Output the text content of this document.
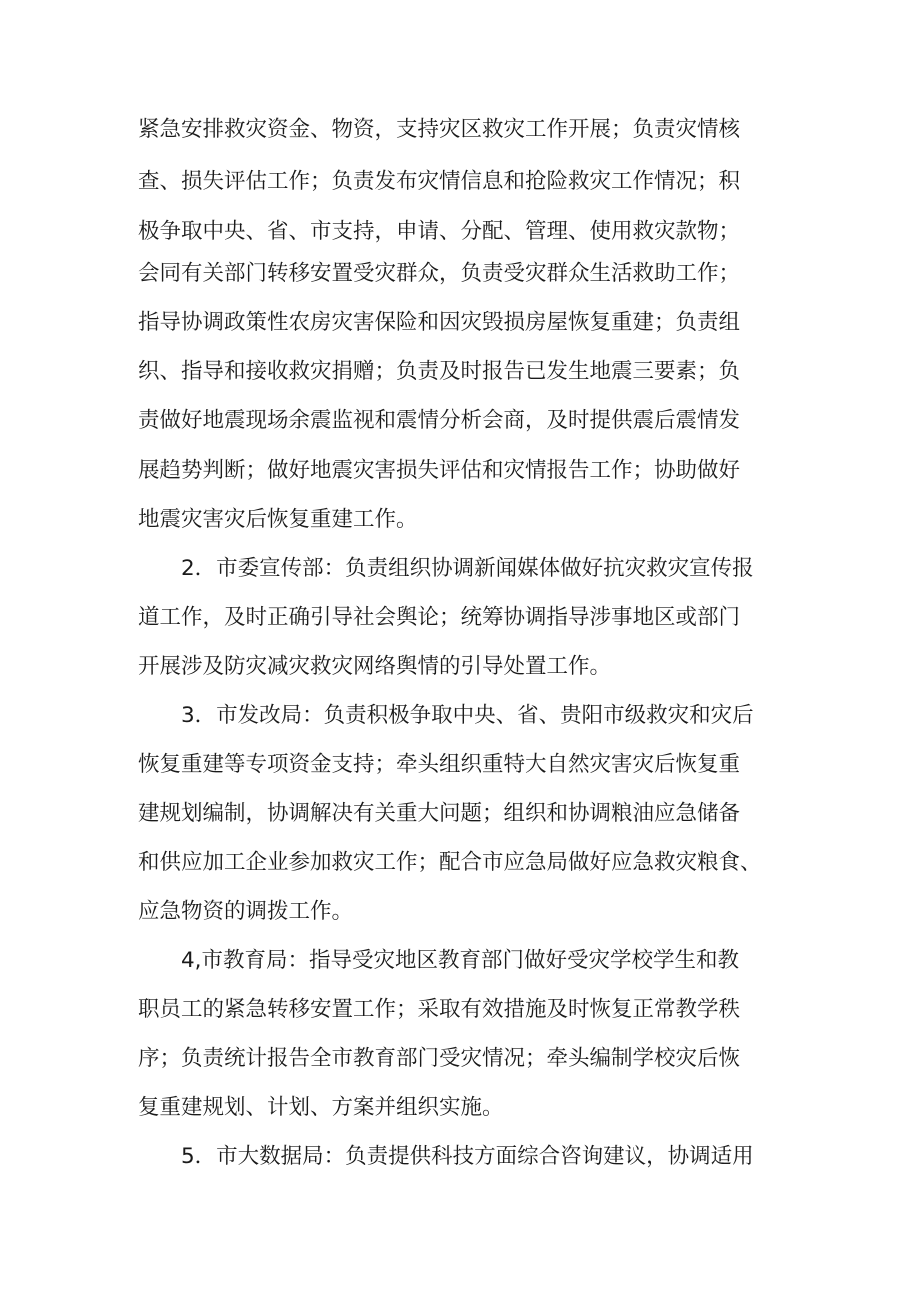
紧急安排救灾资金、物资，支持灾区救灾工作开展；负责灾情核
查、损失评估工作；负责发布灾情信息和抢险救灾工作情况；积
极争取中央、省、市支持，申请、分配、管理、使用救灾款物；
会同有关部门转移安置受灾群众，负责受灾群众生活救助工作；
指导协调政策性农房灾害保险和因灾毁损房屋恢复重建；负责组
织、指导和接收救灾捐赠；负责及时报告已发生地震三要素；负
责做好地震现场余震监视和震情分析会商，及时提供震后震情发
展趋势判断；做好地震灾害损失评估和灾情报告工作；协助做好
地震灾害灾后恢复重建工作。
2．市委宣传部：负责组织协调新闻媒体做好抗灾救灾宣传报
道工作，及时正确引导社会舆论；统筹协调指导涉事地区或部门
开展涉及防灾减灾救灾网络舆情的引导处置工作。
3．市发改局：负责积极争取中央、省、贵阳市级救灾和灾后
恢复重建等专项资金支持；牵头组织重特大自然灾害灾后恢复重
建规划编制，协调解决有关重大问题；组织和协调粮油应急储备
和供应加工企业参加救灾工作；配合市应急局做好应急救灾粮食、
应急物资的调拨工作。
4,市教育局：指导受灾地区教育部门做好受灾学校学生和教
职员工的紧急转移安置工作；采取有效措施及时恢复正常教学秩
序；负责统计报告全市教育部门受灾情况；牵头编制学校灾后恢
复重建规划、计划、方案并组织实施。
5．市大数据局：负责提供科技方面综合咨询建议，协调适用
